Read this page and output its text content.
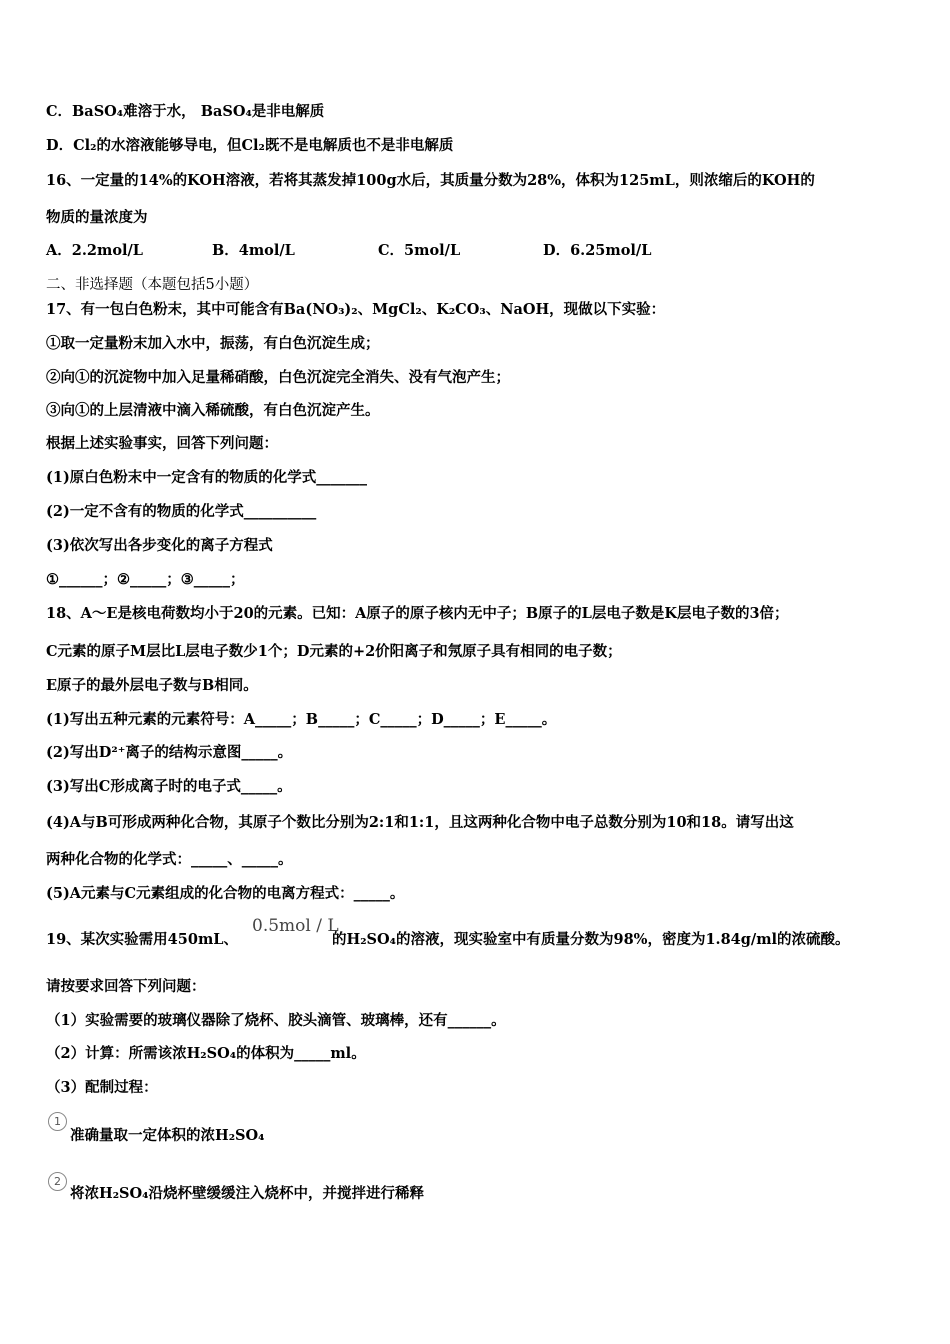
C．BaSO₄难溶于水， BaSO₄是非电解质
D．Cl₂的水溶液能够导电，但Cl₂既不是电解质也不是非电解质
16、一定量的14%的KOH溶液，若将其蒸发掉100g水后，其质量分数为28%，体积为125mL，则浓缩后的KOH的
物质的量浓度为
A．2.2mol/L	B．4mol/L	C．5mol/L	D．6.25mol/L
二、非选择题（本题包括5小题）
17、有一包白色粉末，其中可能含有Ba(NO₃)₂、MgCl₂、K₂CO₃、NaOH，现做以下实验：
①取一定量粉末加入水中，振荡，有白色沉淀生成；
②向①的沉淀物中加入足量稀硝酸，白色沉淀完全消失、没有气泡产生；
③向①的上层清液中滴入稀硫酸，有白色沉淀产生。
根据上述实验事实，回答下列问题：
(1)原白色粉末中一定含有的物质的化学式_______
(2)一定不含有的物质的化学式__________
(3)依次写出各步变化的离子方程式
①______；②_____；③_____；
18、A～E是核电荷数均小于20的元素。已知：A原子的原子核内无中子；B原子的L层电子数是K层电子数的3倍；
C元素的原子M层比L层电子数少1个；D元素的+2价阳离子和氖原子具有相同的电子数；
E原子的最外层电子数与B相同。
(1)写出五种元素的元素符号：A_____；B_____；C_____；D_____；E_____。
(2)写出D²⁺离子的结构示意图_____。
(3)写出C形成离子时的电子式_____。
(4)A与B可形成两种化合物，其原子个数比分别为2:1和1:1，且这两种化合物中电子总数分别为10和18。请写出这
两种化合物的化学式：_____、_____。
(5)A元素与C元素组成的化合物的电离方程式：_____。
19、某次实验需用450mL、
0.5mol / L
的H₂SO₄的溶液，现实验室中有质量分数为98%，密度为1.84g/ml的浓硫酸。
请按要求回答下列问题：
（1）实验需要的玻璃仪器除了烧杯、胶头滴管、玻璃棒，还有______。
（2）计算：所需该浓H₂SO₄的体积为_____ml。
（3）配制过程：
1
准确量取一定体积的浓H₂SO₄
2
将浓H₂SO₄沿烧杯壁缓缓注入烧杯中，并搅拌进行稀释
